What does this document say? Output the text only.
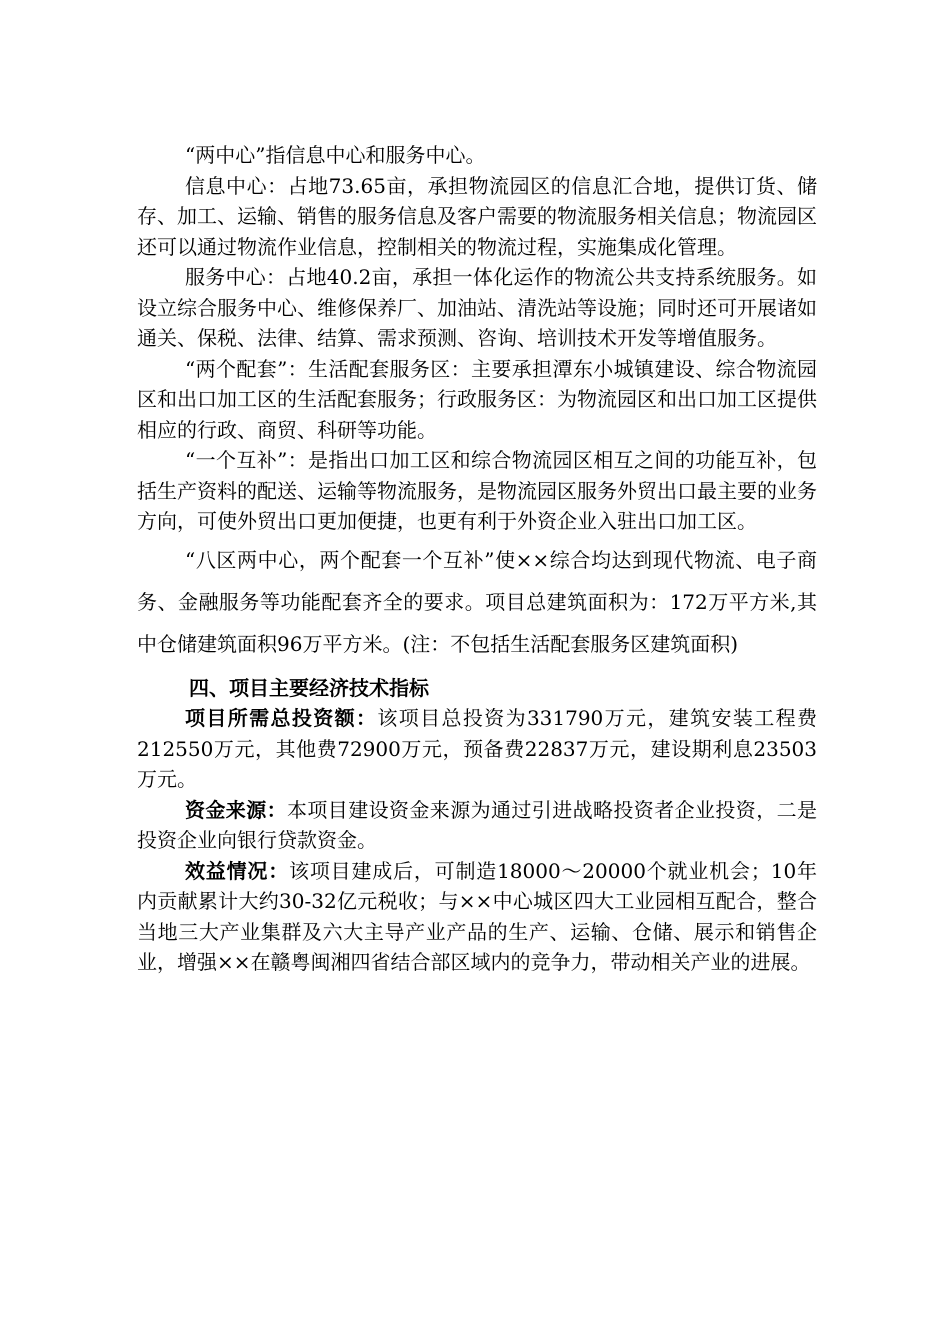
“两中心”指信息中心和服务中心。

信息中心：占地73.65亩，承担物流园区的信息汇合地，提供订货、储存、加工、运输、销售的服务信息及客户需要的物流服务相关信息；物流园区还可以通过物流作业信息，控制相关的物流过程，实施集成化管理。

服务中心：占地40.2亩，承担一体化运作的物流公共支持系统服务。如设立综合服务中心、维修保养厂、加油站、清洗站等设施；同时还可开展诸如通关、保税、法律、结算、需求预测、咨询、培训技术开发等增值服务。

“两个配套”：生活配套服务区：主要承担潭东小城镇建设、综合物流园区和出口加工区的生活配套服务；行政服务区：为物流园区和出口加工区提供相应的行政、商贸、科研等功能。

“一个互补”：是指出口加工区和综合物流园区相互之间的功能互补，包括生产资料的配送、运输等物流服务，是物流园区服务外贸出口最主要的业务方向，可使外贸出口更加便捷，也更有利于外资企业入驻出口加工区。

“八区两中心，两个配套一个互补”使××综合均达到现代物流、电子商务、金融服务等功能配套齐全的要求。项目总建筑面积为：172万平方米,其中仓储建筑面积96万平方米。(注：不包括生活配套服务区建筑面积)

四、项目主要经济技术指标

项目所需总投资额：该项目总投资为331790万元，建筑安装工程费212550万元，其他费72900万元，预备费22837万元，建设期利息23503万元。

资金来源：本项目建设资金来源为通过引进战略投资者企业投资，二是投资企业向银行贷款资金。

效益情况：该项目建成后，可制造18000～20000个就业机会；10年内贡献累计大约30-32亿元税收；与××中心城区四大工业园相互配合，整合当地三大产业集群及六大主导产业产品的生产、运输、仓储、展示和销售企业，增强××在赣粤闽湘四省结合部区域内的竞争力，带动相关产业的进展。
